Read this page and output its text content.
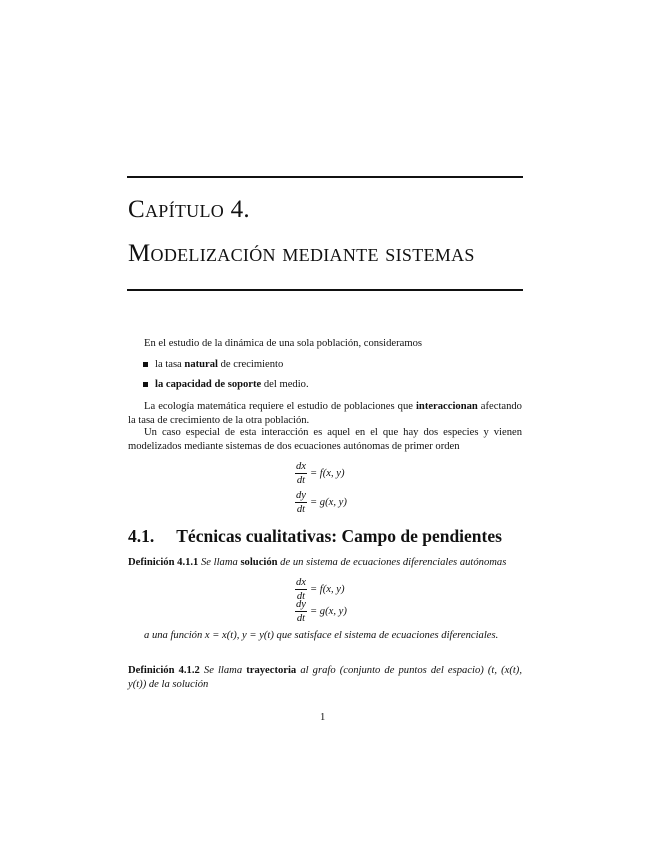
Capítulo 4.
Modelización mediante sistemas
En el estudio de la dinámica de una sola población, consideramos
la tasa natural de crecimiento
la capacidad de soporte del medio.
La ecología matemática requiere el estudio de poblaciones que interaccionan afectando la tasa de crecimiento de la otra población.
Un caso especial de esta interacción es aquel en el que hay dos especies y vienen modelizados mediante sistemas de dos ecuaciones autónomas de primer orden
$\frac{dx}{dt} = f(x$, y)
$\frac{dy}{dt} = g(x$, y)
4.1. Técnicas cualitativas: Campo de pendientes
Definición 4.1.1 Se llama solución de un sistema de ecuaciones diferenciales autónomas
$\frac{dx}{dt} = f(x$, y)
$\frac{dy}{dt} = g(x$, y)
a una función x = x(t), y = y(t) que satisface el sistema de ecuaciones diferenciales.
Definición 4.1.2 Se llama trayectoria al grafo (conjunto de puntos del espacio) (t, (x(t), y(t)) de la solución
1
